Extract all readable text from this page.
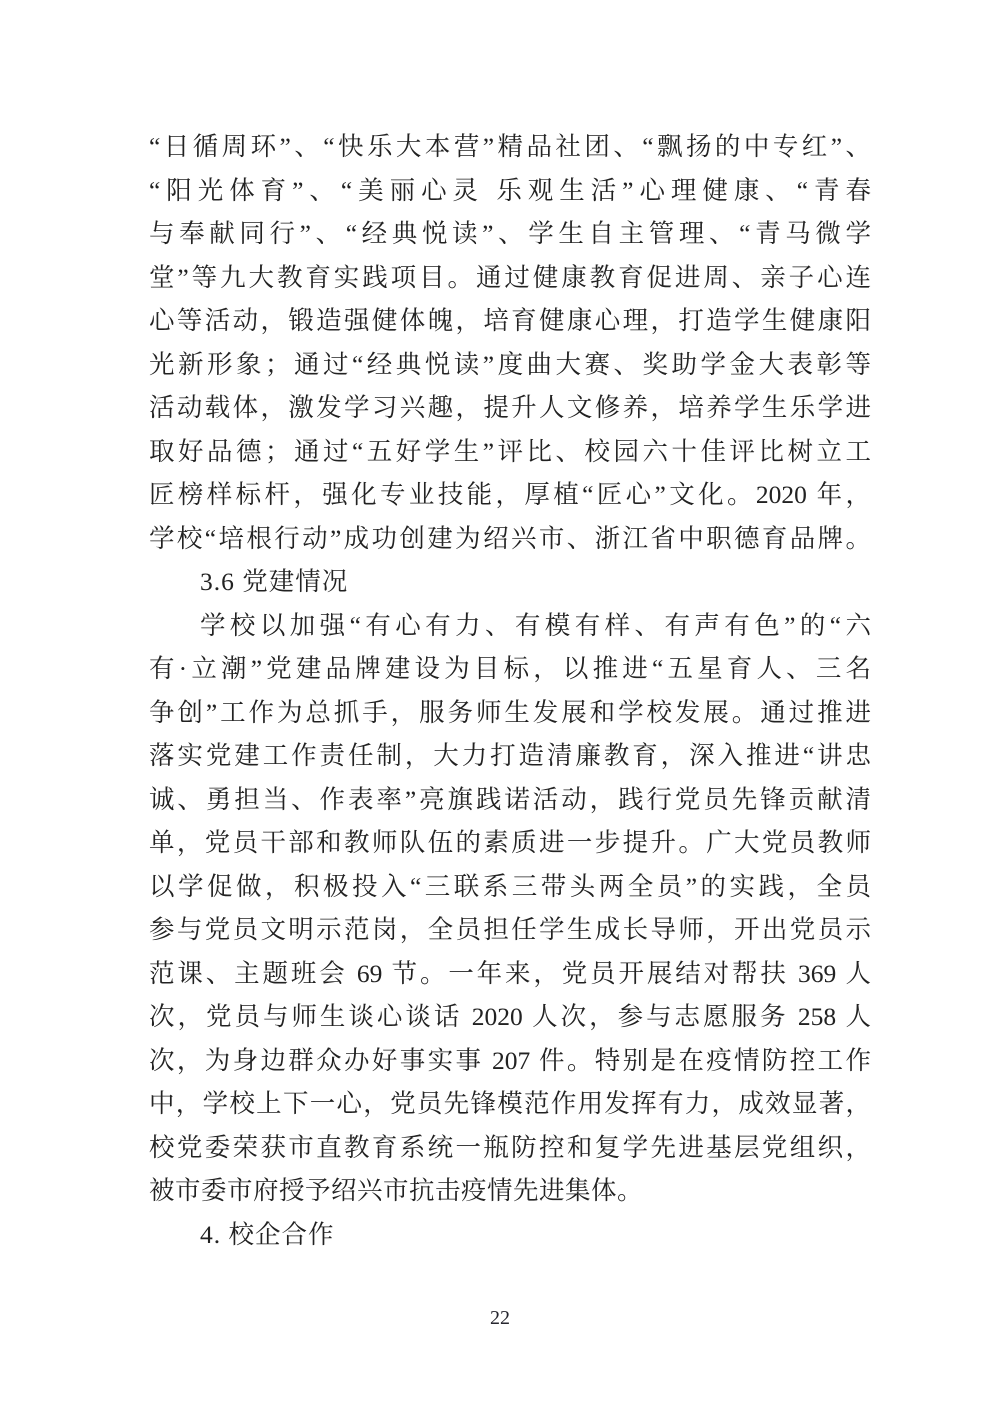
“日循周环”、“快乐大本营”精品社团、“飘扬的中专红”、
“阳光体育”、“美丽心灵 乐观生活”心理健康、“青春
与奉献同行”、“经典悦读”、学生自主管理、“青马微学
堂”等九大教育实践项目。通过健康教育促进周、亲子心连
心等活动，锻造强健体魄，培育健康心理，打造学生健康阳
光新形象；通过“经典悦读”度曲大赛、奖助学金大表彰等
活动载体，激发学习兴趣，提升人文修养，培养学生乐学进
取好品德；通过“五好学生”评比、校园六十佳评比树立工
匠榜样标杆，强化专业技能，厚植“匠心”文化。2020 年，
学校“培根行动”成功创建为绍兴市、浙江省中职德育品牌。
3.6 党建情况
学校以加强“有心有力、有模有样、有声有色”的“六
有·立潮”党建品牌建设为目标，以推进“五星育人、三名
争创”工作为总抓手，服务师生发展和学校发展。通过推进
落实党建工作责任制，大力打造清廉教育，深入推进“讲忠
诚、勇担当、作表率”亮旗践诺活动，践行党员先锋贡献清
单，党员干部和教师队伍的素质进一步提升。广大党员教师
以学促做，积极投入“三联系三带头两全员”的实践，全员
参与党员文明示范岗，全员担任学生成长导师，开出党员示
范课、主题班会 69 节。一年来，党员开展结对帮扶 369 人
次，党员与师生谈心谈话 2020 人次，参与志愿服务 258 人
次，为身边群众办好事实事 207 件。特别是在疫情防控工作
中，学校上下一心，党员先锋模范作用发挥有力，成效显著，
校党委荣获市直教育系统一瓶防控和复学先进基层党组织，
被市委市府授予绍兴市抗击疫情先进集体。
4. 校企合作
22
